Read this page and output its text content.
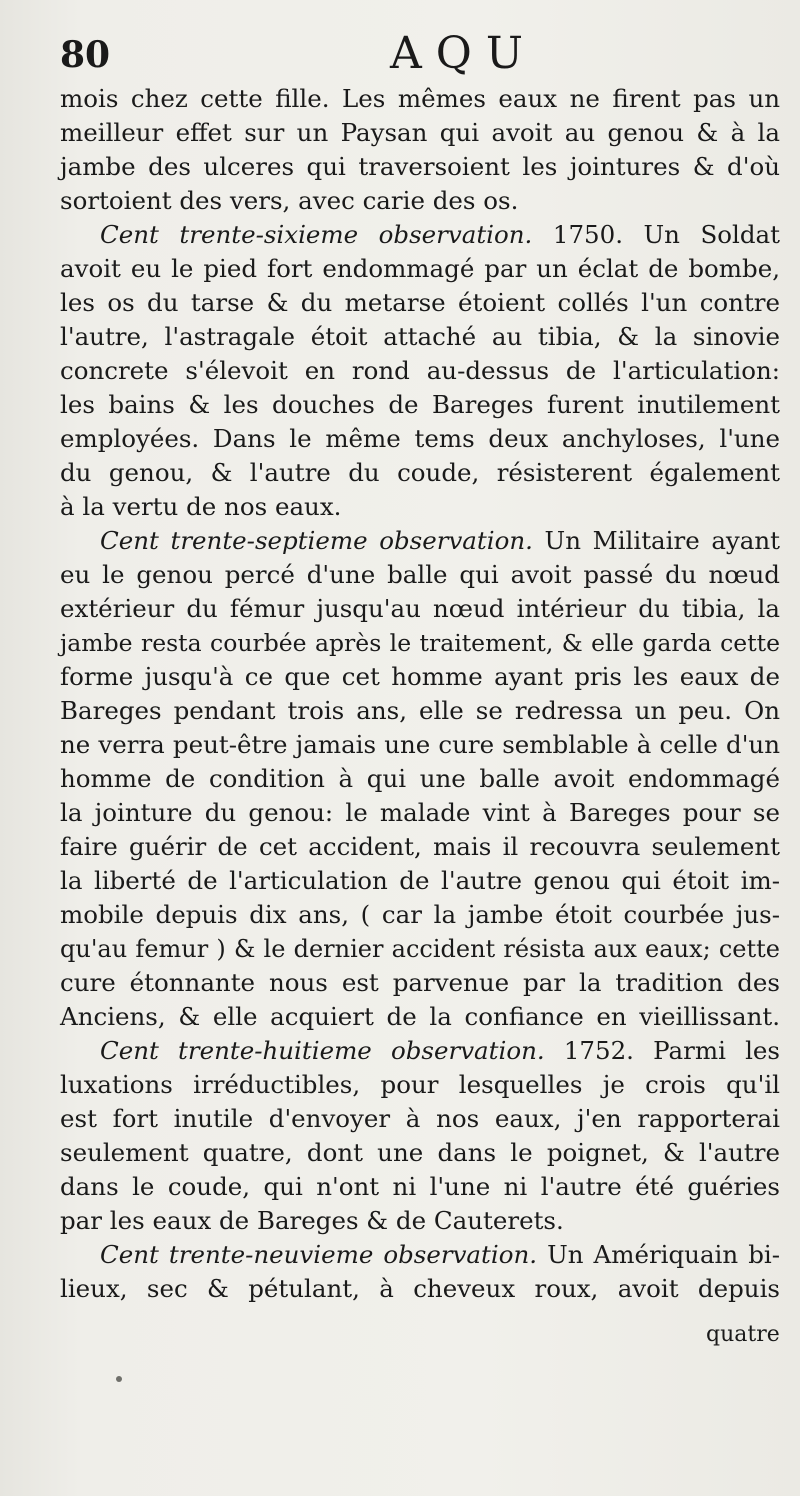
80	AQU
mois chez cette fille. Les mêmes eaux ne firent pas un
meilleur effet sur un Paysan qui avoit au genou & à la
jambe des ulceres qui traversoient les jointures & d'où
sortoient des vers, avec carie des os.
Cent trente-sixieme observation. 1750. Un Soldat
avoit eu le pied fort endommagé par un éclat de bombe,
les os du tarse & du metarse étoient collés l'un contre
l'autre, l'astragale étoit attaché au tibia, & la sinovie
concrete s'élevoit en rond au-dessus de l'articulation:
les bains & les douches de Bareges furent inutilement
employées. Dans le même tems deux anchyloses, l'une
du genou, & l'autre du coude, résisterent également
à la vertu de nos eaux.
Cent trente-septieme observation. Un Militaire ayant
eu le genou percé d'une balle qui avoit passé du nœud
extérieur du fémur jusqu'au nœud intérieur du tibia, la
jambe resta courbée après le traitement, & elle garda cette
forme jusqu'à ce que cet homme ayant pris les eaux de
Bareges pendant trois ans, elle se redressa un peu. On
ne verra peut-être jamais une cure semblable à celle d'un
homme de condition à qui une balle avoit endommagé
la jointure du genou: le malade vint à Bareges pour se
faire guérir de cet accident, mais il recouvra seulement
la liberté de l'articulation de l'autre genou qui étoit im-
mobile depuis dix ans, ( car la jambe étoit courbée jus-
qu'au femur ) & le dernier accident résista aux eaux; cette
cure étonnante nous est parvenue par la tradition des
Anciens, & elle acquiert de la confiance en vieillissant.
Cent trente-huitieme observation. 1752. Parmi les
luxations irréductibles, pour lesquelles je crois qu'il
est fort inutile d'envoyer à nos eaux, j'en rapporterai
seulement quatre, dont une dans le poignet, & l'autre
dans le coude, qui n'ont ni l'une ni l'autre été guéries
par les eaux de Bareges & de Cauterets.
Cent trente-neuvieme observation. Un Amériquain bi-
lieux, sec & pétulant, à cheveux roux, avoit depuis
quatre
